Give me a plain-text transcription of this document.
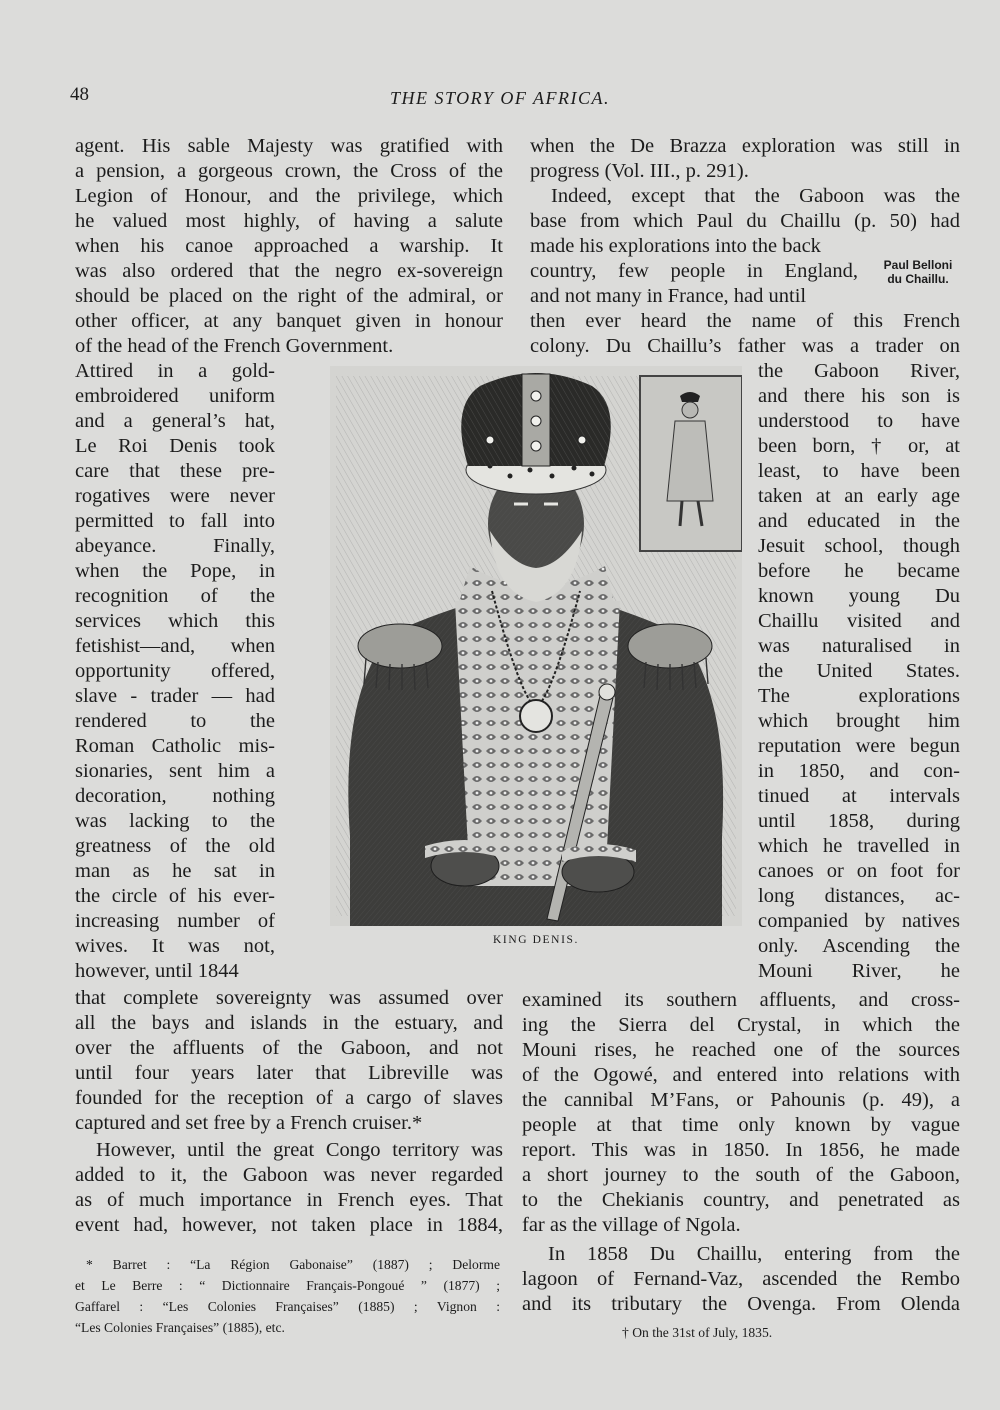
48	THE STORY OF AFRICA.
agent. His sable Majesty was gratified with
a pension, a gorgeous crown, the Cross of the
Legion of Honour, and the privilege, which
he valued most highly, of having a salute
when his canoe approached a warship. It
was also ordered that the negro ex-sovereign
should be placed on the right of the admiral, or
other officer, at any banquet given in honour
of the head of the French Government.
Attired in a gold-
embroidered uniform
and a general’s hat,
Le Roi Denis took
care that these pre-
rogatives were never
permitted to fall into
abeyance. Finally,
when the Pope, in
recognition of the
services which this
fetishist—and, when
opportunity offered,
slave - trader — had
rendered to the
Roman Catholic mis-
sionaries, sent him a
decoration, nothing
was lacking to the
greatness of the old
man as he sat in
the circle of his ever-
increasing number of
wives. It was not,
however, until 1844
that complete sovereignty was assumed over
all the bays and islands in the estuary, and
over the affluents of the Gaboon, and not
until four years later that Libreville was
founded for the reception of a cargo of slaves
captured and set free by a French cruiser.*
However, until the great Congo territory was
added to it, the Gaboon was never regarded
as of much importance in French eyes. That
event had, however, not taken place in 1884,
when the De Brazza exploration was still in
progress (Vol. III., p. 291).
Indeed, except that the Gaboon was the
base from which Paul du Chaillu (p. 50) had
made his explorations into the back
country, few people in England,
and not many in France, had until
then ever heard the name of this French
colony. Du Chaillu’s father was a trader on
the Gaboon River,
and there his son is
understood to have
been born, † or, at
least, to have been
taken at an early age
and educated in the
Jesuit school, though
before he became
known young Du
Chaillu visited and
was naturalised in
the United States.
The explorations
which brought him
reputation were begun
in 1850, and con-
tinued at intervals
until 1858, during
which he travelled in
canoes or on foot for
long distances, ac-
companied by natives
only. Ascending the
Mouni River, he
examined its southern affluents, and cross-
ing the Sierra del Crystal, in which the
Mouni rises, he reached one of the sources
of the Ogowé, and entered into relations with
the cannibal M’Fans, or Pahounis (p. 49), a
people at that time only known by vague
report. This was in 1850. In 1856, he made
a short journey to the south of the Gaboon,
to the Chekianis country, and penetrated as
far as the village of Ngola.
In 1858 Du Chaillu, entering from the
lagoon of Fernand-Vaz, ascended the Rembo
and its tributary the Ovenga. From Olenda
Paul Belloni
du Chaillu.
KING DENIS.
* Barret : “La Région Gabonaise” (1887) ; Delorme
et Le Berre : “ Dictionnaire Français-Pongoué ” (1877) ;
Gaffarel : “Les Colonies Françaises” (1885) ; Vignon :
“Les Colonies Françaises” (1885), etc.	† On the 31st of July, 1835.
